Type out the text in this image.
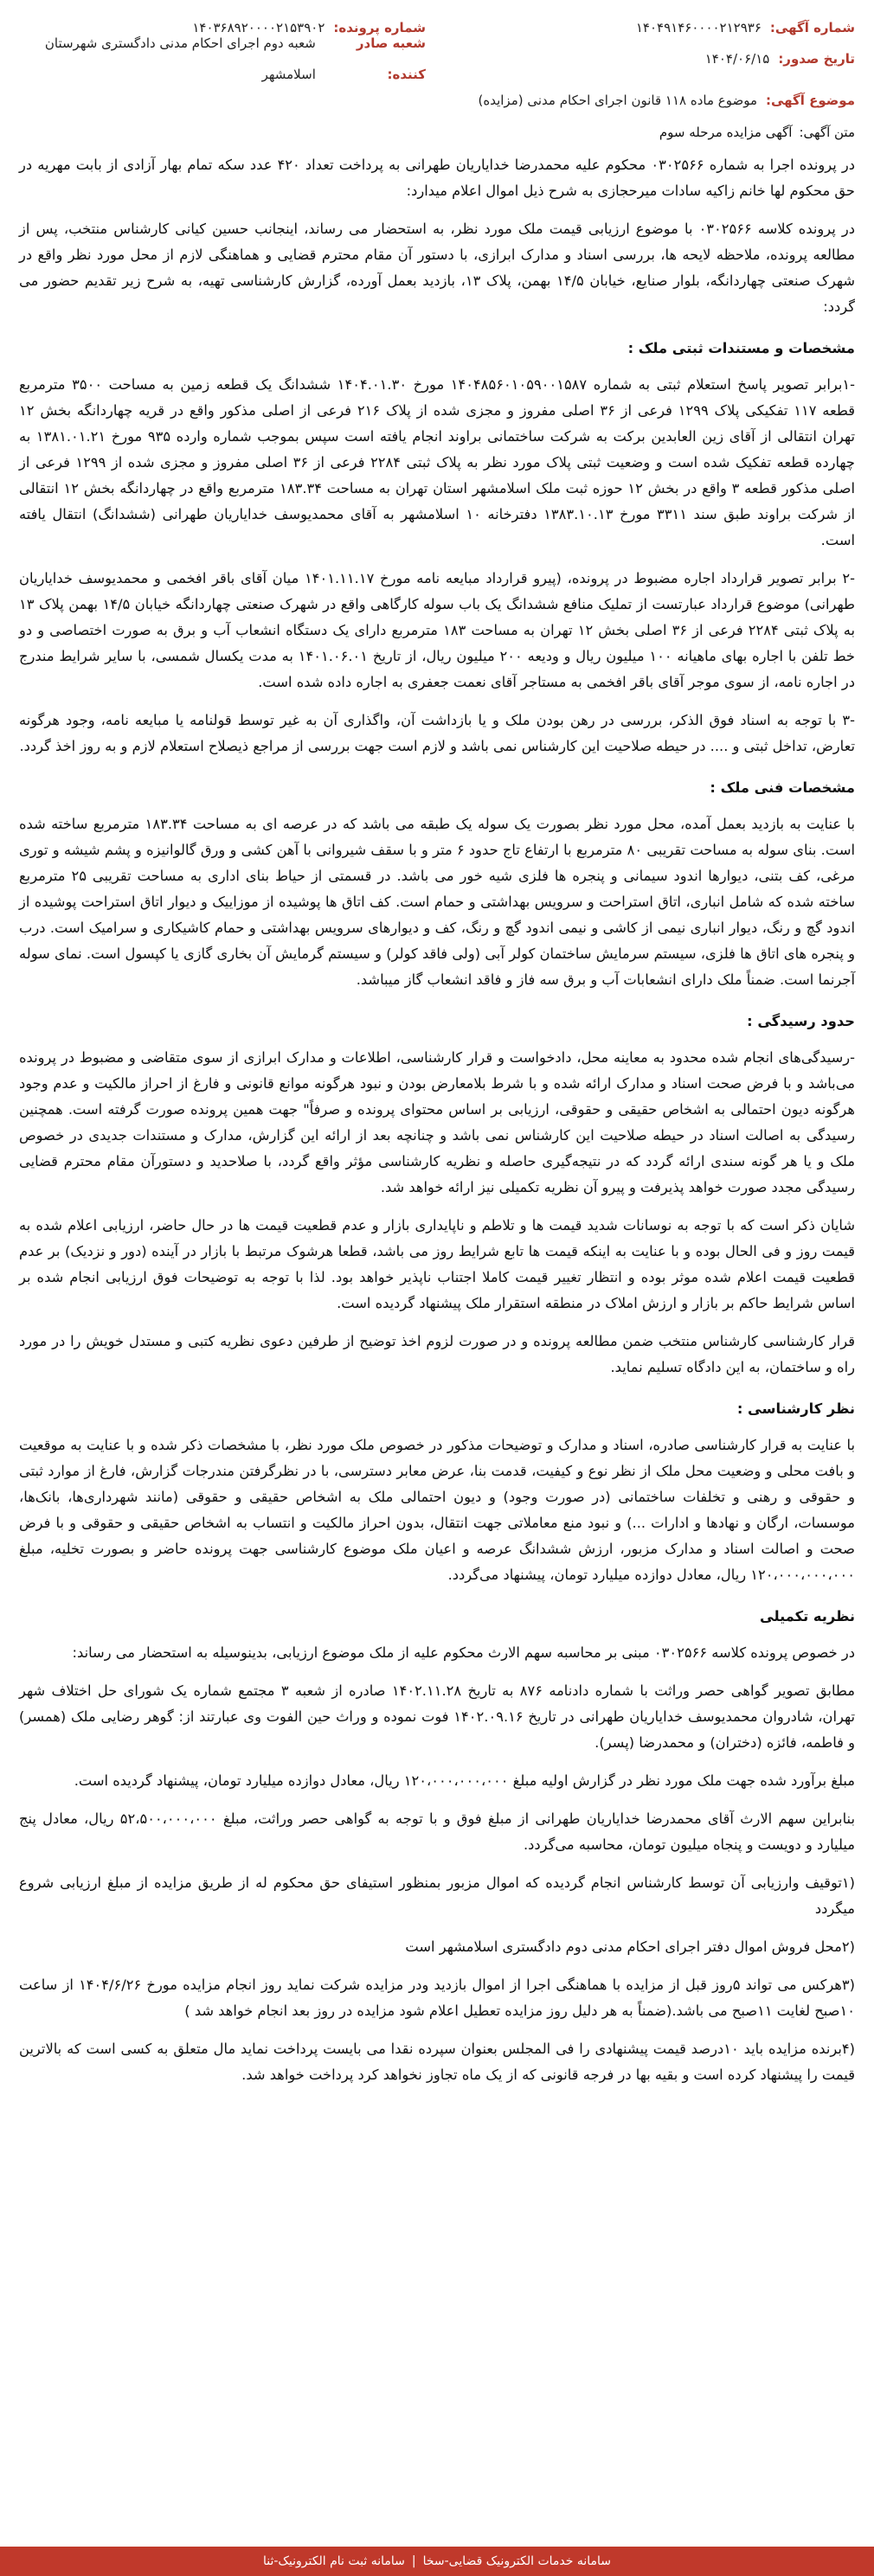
شماره آگهی:
۱۴۰۴۹۱۴۶۰۰۰۰۲۱۲۹۳۶
شماره پرونده:
۱۴۰۳۶۸۹۲۰۰۰۰۲۱۵۳۹۰۲
تاریخ صدور:
۱۴۰۴/۰۶/۱۵
شعبه صادر کننده:
شعبه دوم اجرای احکام مدنی دادگستری شهرستان اسلامشهر
موضوع آگهی:
موضوع ماده ۱۱۸ قانون اجرای احکام مدنی (مزایده)
متن آگهی:
آگهی مزایده مرحله سوم

در پرونده اجرا به شماره ۰۳۰۲۵۶۶ محکوم علیه محمدرضا خدایاریان طهرانی به پرداخت تعداد ۴۲۰ عدد سکه تمام بهار آزادی از بابت مهریه در حق محکوم لها خانم زاکیه سادات میرحجازی به شرح ذیل اموال اعلام میدارد:

در پرونده کلاسه ۰۳۰۲۵۶۶ با موضوع ارزیابی قیمت ملک مورد نظر، به استحضار می رساند، اینجانب حسین کیانی کارشناس منتخب، پس از مطالعه پرونده، ملاحظه لایحه ها، بررسی اسناد و مدارک ابرازی، با دستور آن مقام محترم قضایی و هماهنگی لازم از محل مورد نظر واقع در شهرک صنعتی چهاردانگه، بلوار صنایع، خیابان ۱۴/۵ بهمن، پلاک ۱۳، بازدید بعمل آورده، گزارش کارشناسی تهیه، به شرح زیر تقدیم حضور می گردد:

مشخصات و مستندات ثبتی ملک :

-۱برابر تصویر پاسخ استعلام ثبتی به شماره ۱۴۰۴۸۵۶۰۱۰۵۹۰۰۱۵۸۷ مورخ ۱۴۰۴.۰۱.۳۰ ششدانگ یک قطعه زمین به مساحت ۳۵۰۰ مترمربع قطعه ۱۱۷ تفکیکی پلاک ۱۲۹۹ فرعی از ۳۶ اصلی مفروز و مجزی شده از پلاک ۲۱۶ فرعی از اصلی مذکور واقع در قریه چهاردانگه بخش ۱۲ تهران انتقالی از آقای زین العابدین برکت به شرکت ساختمانی براوند انجام یافته است سپس بموجب شماره وارده ۹۳۵ مورخ ۱۳۸۱.۰۱.۲۱ به چهارده قطعه تفکیک شده است و وضعیت ثبتی پلاک مورد نظر به پلاک ثبتی ۲۲۸۴ فرعی از ۳۶ اصلی مفروز و مجزی شده از ۱۲۹۹ فرعی از اصلی مذکور قطعه ۳ واقع در بخش ۱۲ حوزه ثبت ملک اسلامشهر استان تهران به مساحت ۱۸۳.۳۴ مترمربع واقع در چهاردانگه بخش ۱۲ انتقالی از شرکت براوند طبق سند ۳۳۱۱ مورخ ۱۳۸۳.۱۰.۱۳ دفترخانه ۱۰ اسلامشهر به آقای محمدیوسف خدایاریان طهرانی (ششدانگ) انتقال یافته است.

-۲ برابر تصویر قرارداد اجاره مضبوط در پرونده، (پیرو قرارداد مبایعه نامه مورخ ۱۴۰۱.۱۱.۱۷ میان آقای باقر افخمی و محمدیوسف خدایاریان طهرانی) موضوع قرارداد عبارتست از تملیک منافع ششدانگ یک باب سوله کارگاهی واقع در شهرک صنعتی چهاردانگه خیابان ۱۴/۵ بهمن پلاک ۱۳ به پلاک ثبتی ۲۲۸۴ فرعی از ۳۶ اصلی بخش ۱۲ تهران به مساحت ۱۸۳ مترمربع دارای یک دستگاه انشعاب آب و برق به صورت اختصاصی و دو خط تلفن با اجاره بهای ماهیانه ۱۰۰ میلیون ریال و ودیعه ۲۰۰ میلیون ریال، از تاریخ ۱۴۰۱.۰۶.۰۱ به مدت یکسال شمسی، با سایر شرایط مندرج در اجاره نامه، از سوی موجر آقای باقر افخمی به مستاجر آقای نعمت جعفری به اجاره داده شده است.

-۳ با توجه به اسناد فوق الذکر، بررسی در رهن بودن ملک و یا بازداشت آن، واگذاری آن به غیر توسط قولنامه یا مبایعه نامه، وجود هرگونه تعارض، تداخل ثبتی و .... در حیطه صلاحیت این کارشناس نمی باشد و لازم است جهت بررسی از مراجع ذیصلاح استعلام لازم و به روز اخذ گردد.

مشخصات فنی ملک :

با عنایت به بازدید بعمل آمده، محل مورد نظر بصورت یک سوله یک طبقه می باشد که در عرصه ای به مساحت ۱۸۳.۳۴ مترمربع ساخته شده است. بنای سوله به مساحت تقریبی ۸۰ مترمربع با ارتفاع تاج حدود ۶ متر و با سقف شیروانی با آهن کشی و ورق گالوانیزه و پشم شیشه و توری مرغی، کف بتنی، دیوارها اندود سیمانی و پنجره ها فلزی شیه خور می باشد. در قسمتی از حیاط بنای اداری به مساحت تقریبی ۲۵ مترمربع ساخته شده که شامل انباری، اتاق استراحت و سرویس بهداشتی و حمام است. کف اتاق ها پوشیده از موزاییک و دیوار اتاق استراحت پوشیده از اندود گچ و رنگ، دیوار انباری نیمی از کاشی و نیمی اندود گچ و رنگ، کف و دیوارهای سرویس بهداشتی و حمام کاشیکاری و سرامیک است. درب و پنجره های اتاق ها فلزی، سیستم سرمایش ساختمان کولر آبی (ولی فاقد کولر) و سیستم گرمایش آن بخاری گازی یا کپسول است. نمای سوله آجرنما است. ضمناً ملک دارای انشعابات آب و برق سه فاز و فاقد انشعاب گاز میباشد.

حدود رسیدگی :

-رسیدگی‌های انجام شده محدود به معاینه محل، دادخواست و قرار کارشناسی، اطلاعات و مدارک ابرازی از سوی متقاضی و مضبوط در پرونده می‌باشد و با فرض صحت اسناد و مدارک ارائه شده و با شرط بلامعارض بودن و نبود هرگونه موانع قانونی و فارغ از احراز مالکیت و عدم وجود هرگونه دیون احتمالی به اشخاص حقیقی و حقوقی، ارزیابی بر اساس محتوای پرونده و صرفاً" جهت همین پرونده صورت گرفته است. همچنین رسیدگی به اصالت اسناد در حیطه صلاحیت این کارشناس نمی باشد و چنانچه بعد از ارائه این گزارش، مدارک و مستندات جدیدی در خصوص ملک و یا هر گونه سندی ارائه گردد که در نتیجه‌گیری حاصله و نظریه کارشناسی مؤثر واقع گردد، با صلاحدید و دستورآن مقام محترم قضایی رسیدگی مجدد صورت خواهد پذیرفت و پیرو آن نظریه تکمیلی نیز ارائه خواهد شد.

شایان ذکر است که با توجه به نوسانات شدید قیمت ها و تلاطم و ناپایداری بازار و عدم قطعیت قیمت ها در حال حاضر، ارزیابی اعلام شده به قیمت روز و فی الحال بوده و با عنایت به اینکه قیمت ها تابع شرایط روز می باشد، قطعا هرشوک مرتبط با بازار در آینده (دور و نزدیک) بر عدم قطعیت قیمت اعلام شده موثر بوده و انتظار تغییر قیمت کاملا اجتناب ناپذیر خواهد بود. لذا با توجه به توضیحات فوق ارزیابی انجام شده بر اساس شرایط حاکم بر بازار و ارزش املاک در منطقه استقرار ملک پیشنهاد گردیده است.

قرار کارشناسی کارشناس منتخب ضمن مطالعه پرونده و در صورت لزوم اخذ توضیح از طرفین دعوی نظریه کتبی و مستدل خویش را در مورد راه و ساختمان، به این دادگاه تسلیم نماید.

نظر کارشناسی :

با عنایت به قرار کارشناسی صادره، اسناد و مدارک و توضیحات مذکور در خصوص ملک مورد نظر، با مشخصات ذکر شده و با عنایت به موقعیت و بافت محلی و وضعیت محل ملک از نظر نوع و کیفیت، قدمت بنا، عرض معابر دسترسی، با در نظرگرفتن مندرجات گزارش، فارغ از موارد ثبتی و حقوقی و رهنی و تخلفات ساختمانی (در صورت وجود) و دیون احتمالی ملک به اشخاص حقیقی و حقوقی (مانند شهرداری‌ها، بانک‌ها، موسسات، ارگان و نهادها و ادارات ...) و نبود منع معاملاتی جهت انتقال، بدون احراز مالکیت و انتساب به اشخاص حقیقی و حقوقی و با فرض صحت و اصالت اسناد و مدارک مزبور، ارزش ششدانگ عرصه و اعیان ملک موضوع کارشناسی جهت پرونده حاضر و بصورت تخلیه، مبلغ ۱۲۰،۰۰۰،۰۰۰،۰۰۰ ریال، معادل دوازده میلیارد تومان، پیشنهاد می‌گردد.

نظریه تکمیلی

در خصوص پرونده کلاسه ۰۳۰۲۵۶۶ مبنی بر محاسبه سهم الارث محکوم علیه از ملک موضوع ارزیابی، بدینوسیله به استحضار می رساند:

مطابق تصویر گواهی حصر وراثت با شماره دادنامه ۸۷۶ به تاریخ ۱۴۰۲.۱۱.۲۸ صادره از شعبه ۳ مجتمع شماره یک شورای حل اختلاف شهر تهران، شادروان محمدیوسف خدایاریان طهرانی در تاریخ ۱۴۰۲.۰۹.۱۶ فوت نموده و وراث حین الفوت وی عبارتند از: گوهر رضایی ملک (همسر) و فاطمه، فائزه (دختران) و محمدرضا (پسر).

مبلغ برآورد شده جهت ملک مورد نظر در گزارش اولیه مبلغ ۱۲۰،۰۰۰،۰۰۰،۰۰۰ ریال، معادل دوازده میلیارد تومان، پیشنهاد گردیده است.

بنابراین سهم الارث آقای محمدرضا خدایاریان طهرانی از مبلغ فوق و با توجه به گواهی حصر وراثت، مبلغ ۵۲،۵۰۰،۰۰۰،۰۰۰ ریال، معادل پنج میلیارد و دویست و پنجاه میلیون تومان، محاسبه می‌گردد.

(۱توقیف وارزیابی آن توسط کارشناس انجام گردیده که اموال مزبور بمنظور استیفای حق محکوم له از طریق مزایده از مبلغ ارزیابی شروع میگردد

(۲محل فروش اموال دفتر اجرای احکام مدنی دوم دادگستری اسلامشهر است

(۳هرکس می تواند ۵روز قبل از مزایده با هماهنگی اجرا از اموال بازدید ودر مزایده شرکت نماید روز انجام مزایده مورخ ۱۴۰۴/۶/۲۶ از ساعت ۱۰صبح لغایت ۱۱صبح می باشد.(ضمناً به هر دلیل روز مزایده تعطیل اعلام شود مزایده در روز بعد انجام خواهد شد )

(۴برنده مزایده باید ۱۰درصد قیمت پیشنهادی را فی المجلس بعنوان سپرده نقدا می بایست پرداخت نماید مال متعلق به کسی است که بالاترین قیمت را پیشنهاد کرده است و بقیه بها در فرجه قانونی که از یک ماه تجاوز نخواهد کرد پرداخت خواهد شد.

سامانه خدمات الکترونیک قضایی-سخا
|
سامانه ثبت نام الکترونیک-ثنا
